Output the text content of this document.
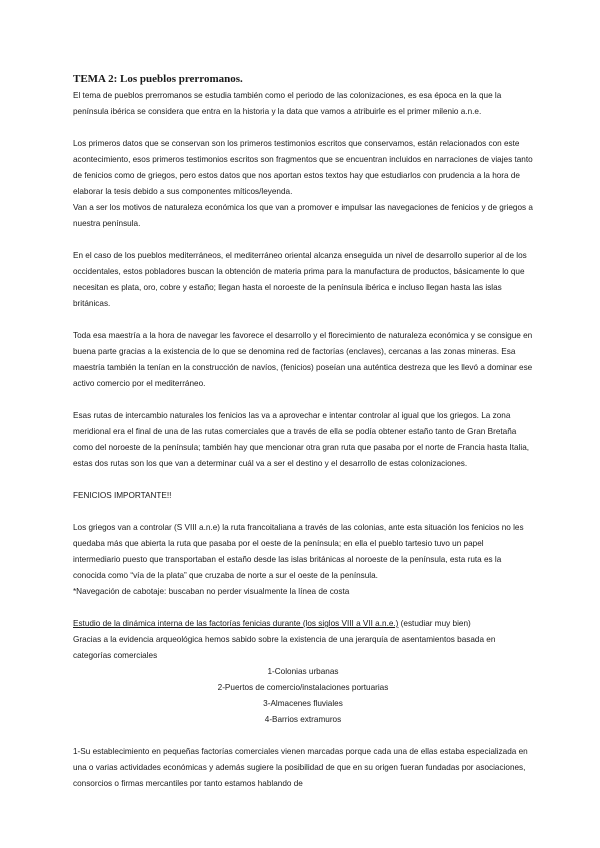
TEMA 2: Los pueblos prerromanos.

El tema de pueblos prerromanos se estudia también como el periodo de las colonizaciones, es esa época en la que la península ibérica se considera que entra en la historia y la data que vamos a atribuirle es el primer milenio a.n.e.

Los primeros datos que se conservan son los primeros testimonios escritos que conservamos, están relacionados con este acontecimiento, esos primeros testimonios escritos son fragmentos que se encuentran incluidos en narraciones de viajes tanto de fenicios como de griegos, pero estos datos que nos aportan estos textos hay que estudiarlos con prudencia a la hora de elaborar la tesis debido a sus componentes míticos/leyenda.

Van a ser los motivos de naturaleza económica los que van a promover e impulsar las navegaciones de fenicios y de griegos a nuestra península.

En el caso de los pueblos mediterráneos, el mediterráneo oriental alcanza enseguida un nivel de desarrollo superior al de los occidentales, estos pobladores buscan la obtención de materia prima para la manufactura de productos, básicamente lo que necesitan es plata, oro, cobre y estaño; llegan hasta el noroeste de la península ibérica e incluso llegan hasta las islas británicas.

Toda esa maestría a la hora de navegar les favorece el desarrollo y el florecimiento de naturaleza económica y se consigue en buena parte gracias a la existencia de lo que se denomina red de factorías (enclaves), cercanas a las zonas mineras. Esa maestría también la tenían en la construcción de navíos, (fenicios) poseían una auténtica destreza que les llevó a dominar ese activo comercio por el mediterráneo.

Esas rutas de intercambio naturales los fenicios las va a aprovechar e intentar controlar al igual que los griegos. La zona meridional era el final de una de las rutas comerciales que a través de ella se podía obtener estaño tanto de Gran Bretaña como del noroeste de la península; también hay que mencionar otra gran ruta que pasaba por el norte de Francia hasta Italia, estas dos rutas son los que van a determinar cuál va a ser el destino y el desarrollo de estas colonizaciones.

FENICIOS IMPORTANTE!!

Los griegos van a controlar (S VIII a.n.e) la ruta francoitaliana a través de las colonias, ante esta situación los fenicios no les quedaba más que abierta la ruta que pasaba por el oeste de la península; en ella el pueblo tartesio tuvo un papel intermediario puesto que transportaban el estaño desde las islas británicas al noroeste de la península, esta ruta es la conocida como “vía de la plata” que cruzaba de norte a sur el oeste de la península.

*Navegación de cabotaje: buscaban no perder visualmente la línea de costa

Estudio de la dinámica interna de las factorías fenicias durante (los siglos VIII a VII a.n.e.) (estudiar muy bien)

Gracias a la evidencia arqueológica hemos sabido sobre la existencia de una jerarquía de asentamientos basada en categorías comerciales

1-Colonias urbanas
2-Puertos de comercio/instalaciones portuarias
3-Almacenes fluviales
4-Barrios extramuros

1-Su establecimiento en pequeñas factorías comerciales vienen marcadas porque cada una de ellas estaba especializada en una o varias actividades económicas y además sugiere la posibilidad de que en su origen fueran fundadas por asociaciones, consorcios o firmas mercantiles por tanto estamos hablando de
